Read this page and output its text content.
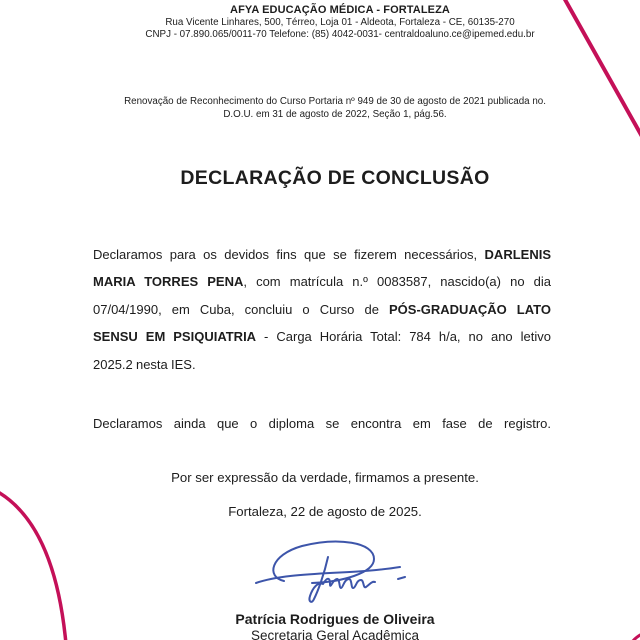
AFYA EDUCAÇÃO MÉDICA - FORTALEZA
Rua Vicente Linhares, 500, Térreo, Loja 01 - Aldeota, Fortaleza - CE, 60135-270
CNPJ - 07.890.065/0011-70 Telefone: (85) 4042-0031- centraldoaluno.ce@ipemed.edu.br
Renovação de Reconhecimento do Curso Portaria nº 949 de 30 de agosto de 2021 publicada no.
D.O.U. em 31 de agosto de 2022, Seção 1, pág.56.
DECLARAÇÃO DE CONCLUSÃO
Declaramos para os devidos fins que se fizerem necessários, DARLENIS
MARIA TORRES PENA, com matrícula n.º 0083587, nascido(a) no dia
07/04/1990, em Cuba, concluiu o Curso de PÓS-GRADUAÇÃO LATO
SENSU EM PSIQUIATRIA - Carga Horária Total: 784 h/a, no ano letivo
2025.2 nesta IES.
Declaramos ainda que o diploma se encontra em fase de registro.
Por ser expressão da verdade, firmamos a presente.
Fortaleza, 22 de agosto de 2025.
Patrícia Rodrigues de Oliveira
Secretaria Geral Acadêmica
